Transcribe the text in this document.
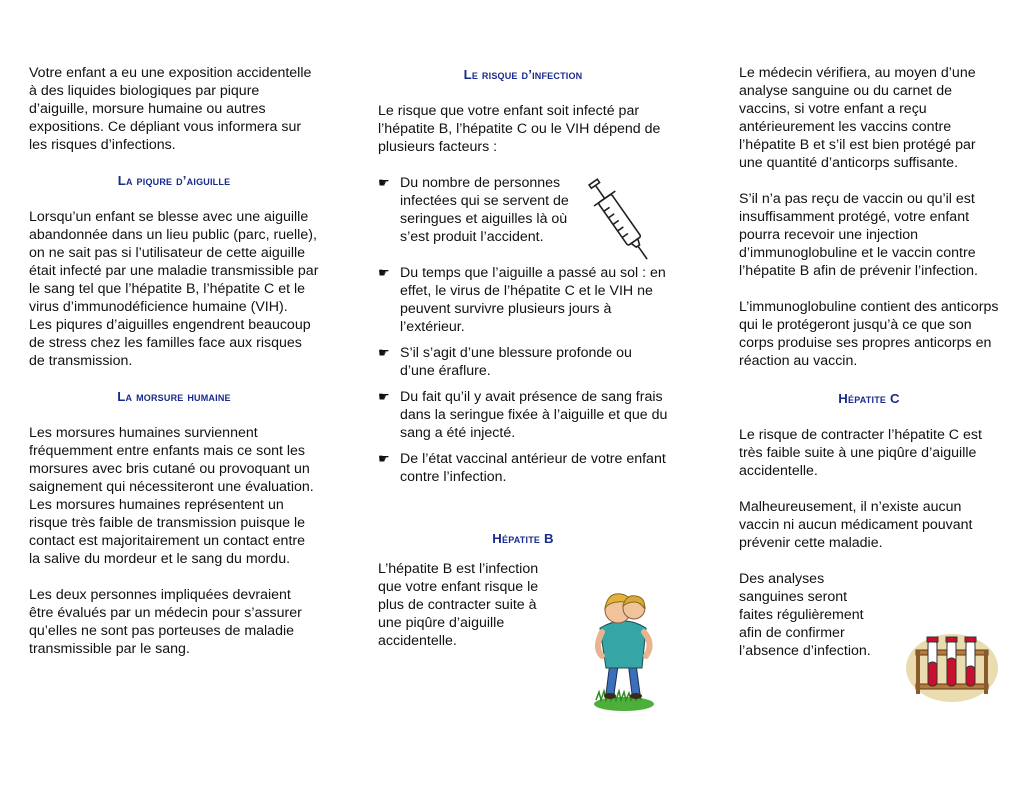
Votre enfant a eu une exposition accidentelle à des liquides biologiques par piqure d’aiguille, morsure humaine ou autres expositions. Ce dépliant vous informera sur les risques d’infections.

La piqure d’aiguille

Lorsqu’un enfant se blesse avec une aiguille abandonnée dans un lieu public (parc, ruelle), on ne sait pas si l’utilisateur de cette aiguille était infecté par une maladie transmissible par le sang tel que l’hépatite B, l’hépatite C et le virus d’immunodéficience humaine (VIH).

Les piqures d’aiguilles engendrent beaucoup de stress chez les familles face aux risques de transmission.

La morsure humaine

Les morsures humaines surviennent fréquemment entre enfants mais ce sont les morsures avec bris cutané ou provoquant un saignement qui nécessiteront une évaluation. Les morsures humaines représentent un risque très faible de transmission puisque le contact est majoritairement un contact entre la salive du mordeur et le sang du mordu.

Les deux personnes impliquées devraient être évalués par un médecin pour s’assurer qu’elles ne sont pas porteuses de maladie transmissible par le sang.

Le risque d’infection

Le risque que votre enfant soit infecté par l’hépatite B, l’hépatite C ou le VIH dépend de plusieurs facteurs :

☛ Du nombre de personnes infectées qui se servent de seringues et aiguilles là où s’est produit l’accident.
☛ Du temps que l’aiguille a passé au sol : en effet, le virus de l’hépatite C et le VIH ne peuvent survivre plusieurs jours à l’extérieur.
☛ S’il s’agit d’une blessure profonde ou d’une éraflure.
☛ Du fait qu’il y avait présence de sang frais dans la seringue fixée à l’aiguille et que du sang a été injecté.
☛ De l’état vaccinal antérieur de votre enfant contre l’infection.

Hépatite B

L’hépatite B est l’infection que votre enfant risque le plus de contracter suite à une piqûre d’aiguille accidentelle.

Le médecin vérifiera, au moyen d’une analyse sanguine ou du carnet de vaccins, si votre enfant a reçu antérieurement les vaccins contre l’hépatite B et s’il est bien protégé par une quantité d’anticorps suffisante.

S’il n’a pas reçu de vaccin ou qu’il est insuffisamment protégé, votre enfant pourra recevoir une injection d’immunoglobuline et le vaccin contre l’hépatite B afin de prévenir l’infection.

L’immunoglobuline contient des anticorps qui le protégeront jusqu’à ce que son corps produise ses propres anticorps en réaction au vaccin.

Hépatite C

Le risque de contracter l’hépatite C est très faible suite à une piqûre d’aiguille accidentelle.

Malheureusement, il n’existe aucun vaccin ni aucun médicament pouvant prévenir cette maladie.

Des analyses sanguines seront faites régulièrement afin de confirmer l’absence d’infection.
